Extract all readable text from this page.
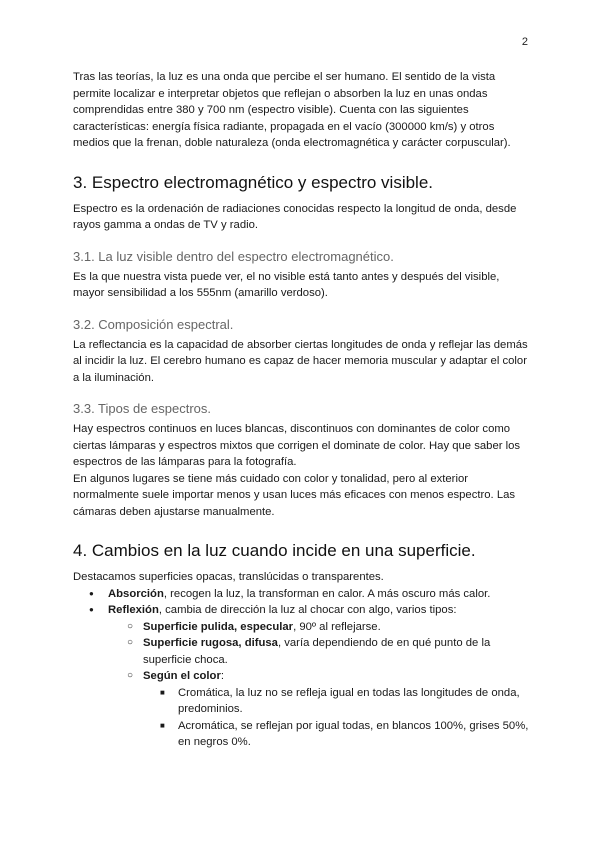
2

Tras las teorías, la luz es una onda que percibe el ser humano. El sentido de la vista permite localizar e interpretar objetos que reflejan o absorben la luz en unas ondas comprendidas entre 380 y 700 nm (espectro visible). Cuenta con las siguientes características: energía física radiante, propagada en el vacío (300000 km/s) y otros medios que la frenan, doble naturaleza (onda electromagnética y carácter corpuscular).

3. Espectro electromagnético y espectro visible.

Espectro es la ordenación de radiaciones conocidas respecto la longitud de onda, desde rayos gamma a ondas de TV y radio.

3.1. La luz visible dentro del espectro electromagnético.

Es la que nuestra vista puede ver, el no visible está tanto antes y después del visible, mayor sensibilidad a los 555nm (amarillo verdoso).

3.2. Composición espectral.

La reflectancia es la capacidad de absorber ciertas longitudes de onda y reflejar las demás al incidir la luz. El cerebro humano es capaz de hacer memoria muscular y adaptar el color a la iluminación.

3.3. Tipos de espectros.

Hay espectros continuos en luces blancas, discontinuos con dominantes de color como ciertas lámparas y espectros mixtos que corrigen el dominate de color. Hay que saber los espectros de las lámparas para la fotografía.

En algunos lugares se tiene más cuidado con color y tonalidad, pero al exterior normalmente suele importar menos y usan luces más eficaces con menos espectro. Las cámaras deben ajustarse manualmente.

4. Cambios en la luz cuando incide en una superficie.

Destacamos superficies opacas, translúcidas o transparentes.

● Absorción, recogen la luz, la transforman en calor. A más oscuro más calor.
● Reflexión, cambia de dirección la luz al chocar con algo, varios tipos:
○ Superficie pulida, especular, 90º al reflejarse.
○ Superficie rugosa, difusa, varía dependiendo de en qué punto de la superficie choca.
○ Según el color:
■ Cromática, la luz no se refleja igual en todas las longitudes de onda, predominios.
■ Acromática, se reflejan por igual todas, en blancos 100%, grises 50%, en negros 0%.
